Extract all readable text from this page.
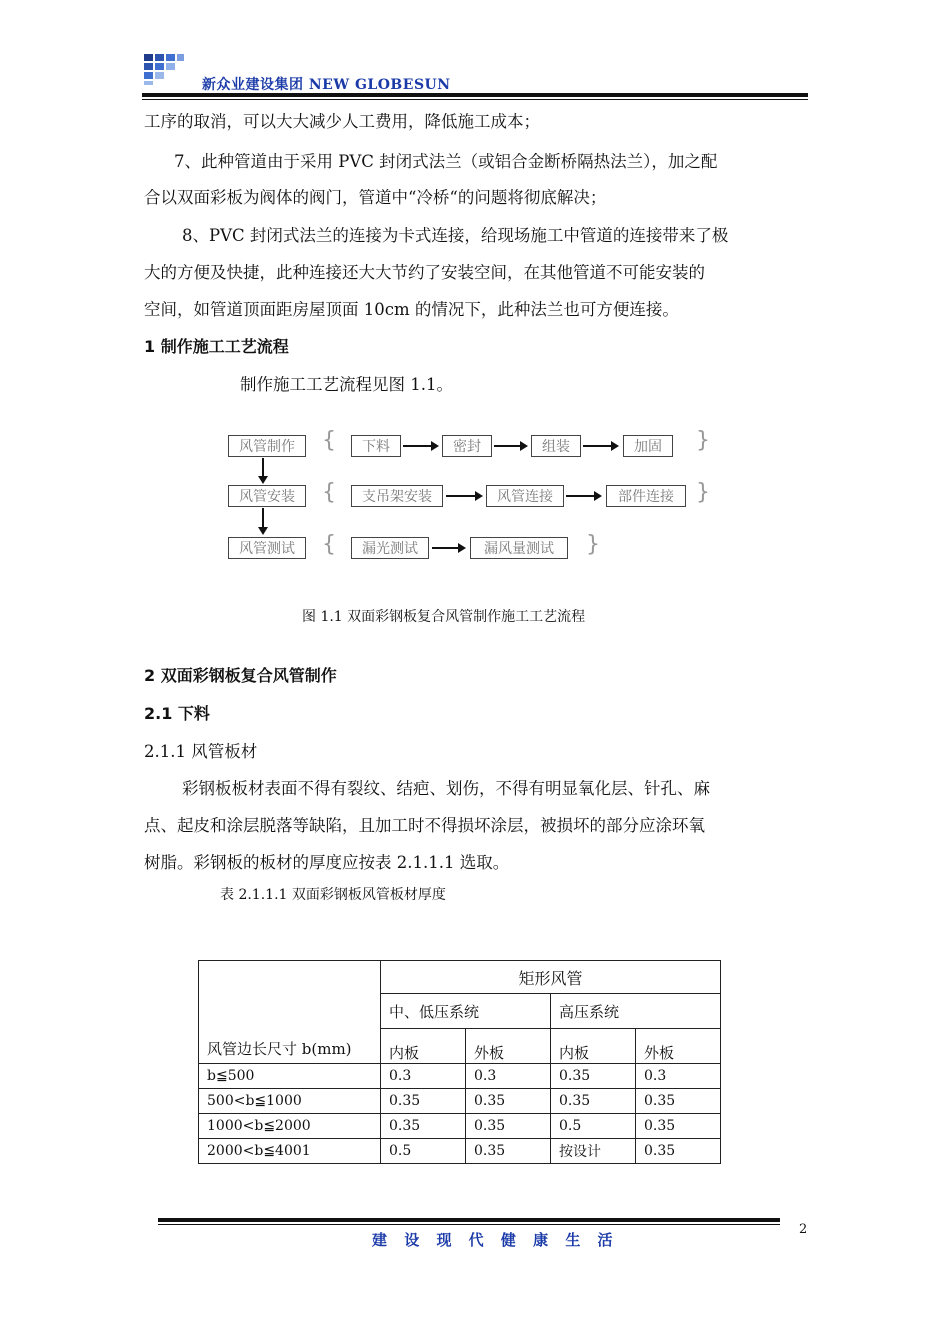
新众业建设集团 NEW GLOBESUN
工序的取消，可以大大减少人工费用，降低施工成本；
7、此种管道由于采用 PVC 封闭式法兰（或铝合金断桥隔热法兰），加之配
合以双面彩板为阀体的阀门，管道中“冷桥“的问题将彻底解决；
8、PVC 封闭式法兰的连接为卡式连接，给现场施工中管道的连接带来了极
大的方便及快捷，此种连接还大大节约了安装空间，在其他管道不可能安装的
空间，如管道顶面距房屋顶面 10cm 的情况下，此种法兰也可方便连接。
1 制作施工工艺流程
制作施工工艺流程见图 1.1。
风管制作
风管安装
风管测试
{
{
{
下料	密封	组装	加固
支吊架安装	风管连接	部件连接
漏光测试	漏风量测试
}
}
}
图 1.1 双面彩钢板复合风管制作施工工艺流程
2 双面彩钢板复合风管制作
2.1 下料
2.1.1 风管板材
彩钢板板材表面不得有裂纹、结疤、划伤，不得有明显氧化层、针孔、麻
点、起皮和涂层脱落等缺陷，且加工时不得损坏涂层，被损坏的部分应涂环氧
树脂。彩钢板的板材的厚度应按表 2.1.1.1 选取。
表 2.1.1.1 双面彩钢板风管板材厚度
风管边长尺寸 b(mm)	矩形风管			
	中、低压系统		高压系统	
	内板	外板	内板	外板
b≦500	0.3	0.3	0.35	0.3
500<b≦1000	0.35	0.35	0.35	0.35
1000<b≦2000	0.35	0.35	0.5	0.35
2000<b≦4001	0.5	0.35	按设计	0.35
建 设 现 代 健 康 生 活
2
